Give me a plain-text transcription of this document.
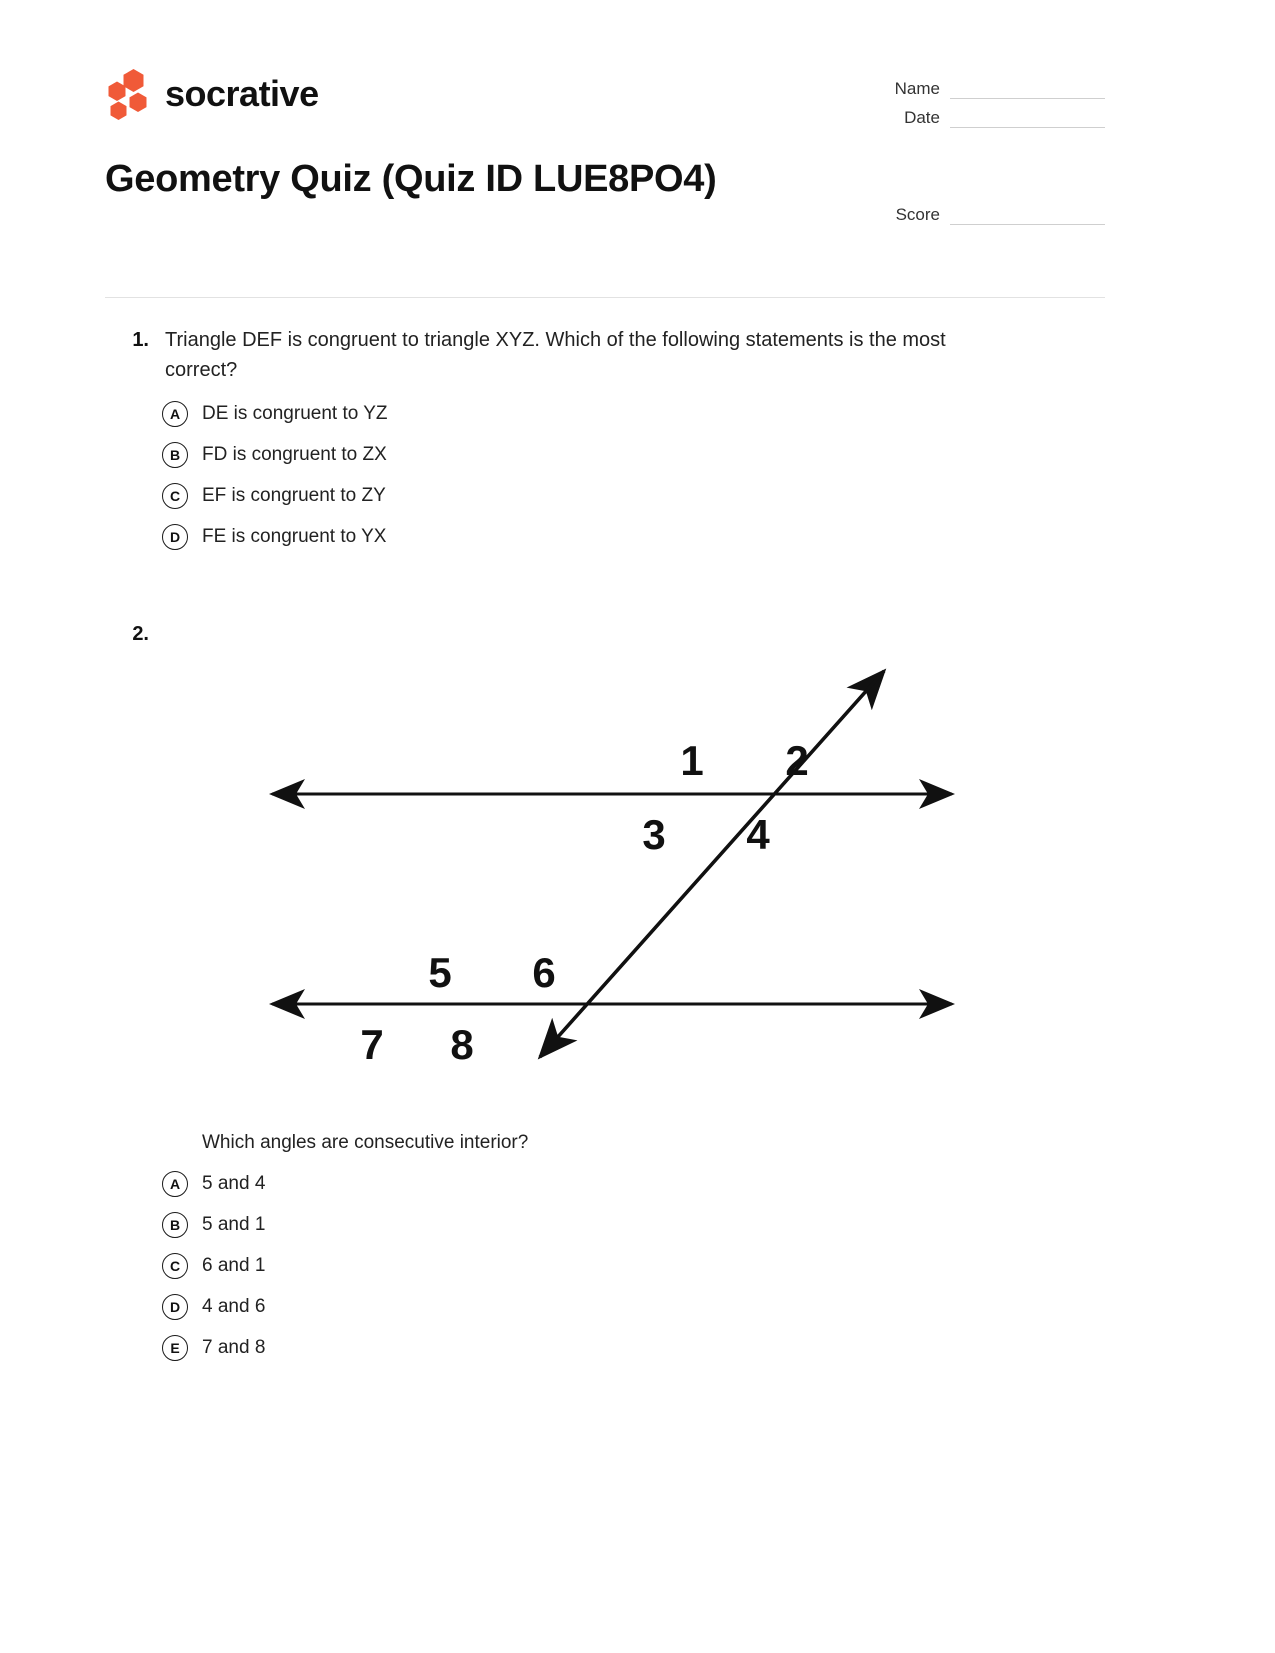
socrative
Geometry Quiz (Quiz ID LUE8PO4)
Name
Date
Score
1. Triangle DEF is congruent to triangle XYZ. Which of the following statements is the most correct?
A	DE is congruent to YZ
B	FD is congruent to ZX
C	EF is congruent to ZY
D	FE is congruent to YX
2.
1 2
3 4
5 6
7 8
Which angles are consecutive interior?
A	5 and 4
B	5 and 1
C	6 and 1
D	4 and 6
E	7 and 8
